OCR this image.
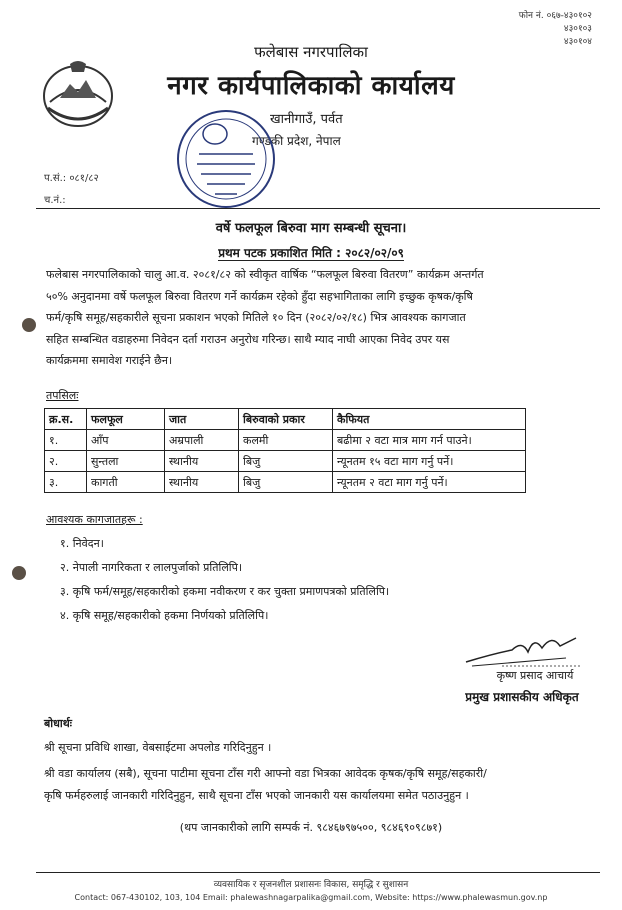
फोन नं. ०६७-४३०१०२
४३०१०३
४३०१०४
फलेबास नगरपालिका
नगर कार्यपालिकाको कार्यालय
खानीगाउँ, पर्वत
गण्डकी प्रदेश, नेपाल
प.सं.: ०८१/८२
च.नं.:
वर्षे फलफूल बिरुवा माग सम्बन्धी सूचना।
प्रथम पटक प्रकाशित मिति : २०८२/०२/०९
फलेबास नगरपालिकाको चालु आ.व. २०८१/८२ को स्वीकृत वार्षिक “फलफूल बिरुवा वितरण” कार्यक्रम अन्तर्गत
५०% अनुदानमा वर्षे फलफूल बिरुवा वितरण गर्ने कार्यक्रम रहेको हुँदा सहभागिताका लागि इच्छुक कृषक/कृषि
फर्म/कृषि समूह/सहकारीले सूचना प्रकाशन भएको मितिले १० दिन (२०८२/०२/१८) भित्र आवश्यक कागजात
सहित सम्बन्धित वडाहरुमा निवेदन दर्ता गराउन अनुरोध गरिन्छ। साथै म्याद नाघी आएका निवेद उपर यस
कार्यक्रममा समावेश गराईने छैन।
तपसिलः
क्र.स.	फलफूल	जात	बिरुवाको प्रकार	कैफियत
१.	आँप	अम्रपाली	कलमी	बढीमा २ वटा मात्र माग गर्न पाउने।
२.	सुन्तला	स्थानीय	बिजु	न्यूनतम १५ वटा माग गर्नु पर्ने।
३.	कागती	स्थानीय	बिजु	न्यूनतम २ वटा माग गर्नु पर्ने।
आवश्यक कागजातहरू :
१. निवेदन।
२. नेपाली नागरिकता र लालपुर्जाको प्रतिलिपि।
३. कृषि फर्म/समूह/सहकारीको हकमा नवीकरण र कर चुक्ता प्रमाणपत्रको प्रतिलिपि।
४. कृषि समूह/सहकारीको हकमा निर्णयको प्रतिलिपि।
कृष्ण प्रसाद आचार्य
प्रमुख प्रशासकीय अधिकृत
बोधार्थः
श्री सूचना प्रविधि शाखा, वेबसाईटमा अपलोड गरिदिनुहुन ।
श्री वडा कार्यालय (सबै), सूचना पाटीमा सूचना टाँस गरी आफ्नो वडा भित्रका आवेदक कृषक/कृषि समूह/सहकारी/
कृषि फर्महरुलाई जानकारी गरिदिनुहुन, साथै सूचना टाँस भएको जानकारी यस कार्यालयमा समेत पठाउनुहुन ।
(थप जानकारीको लागि सम्पर्क नं. ९८४६७९७५००, ९८४६९०९८७१)
व्यवसायिक र सृजनशील प्रशासनः विकास, समृद्धि र सुशासन
Contact: 067-430102, 103, 104 Email: phalewashnagarpalika@gmail.com, Website: https://www.phalewasmun.gov.np
